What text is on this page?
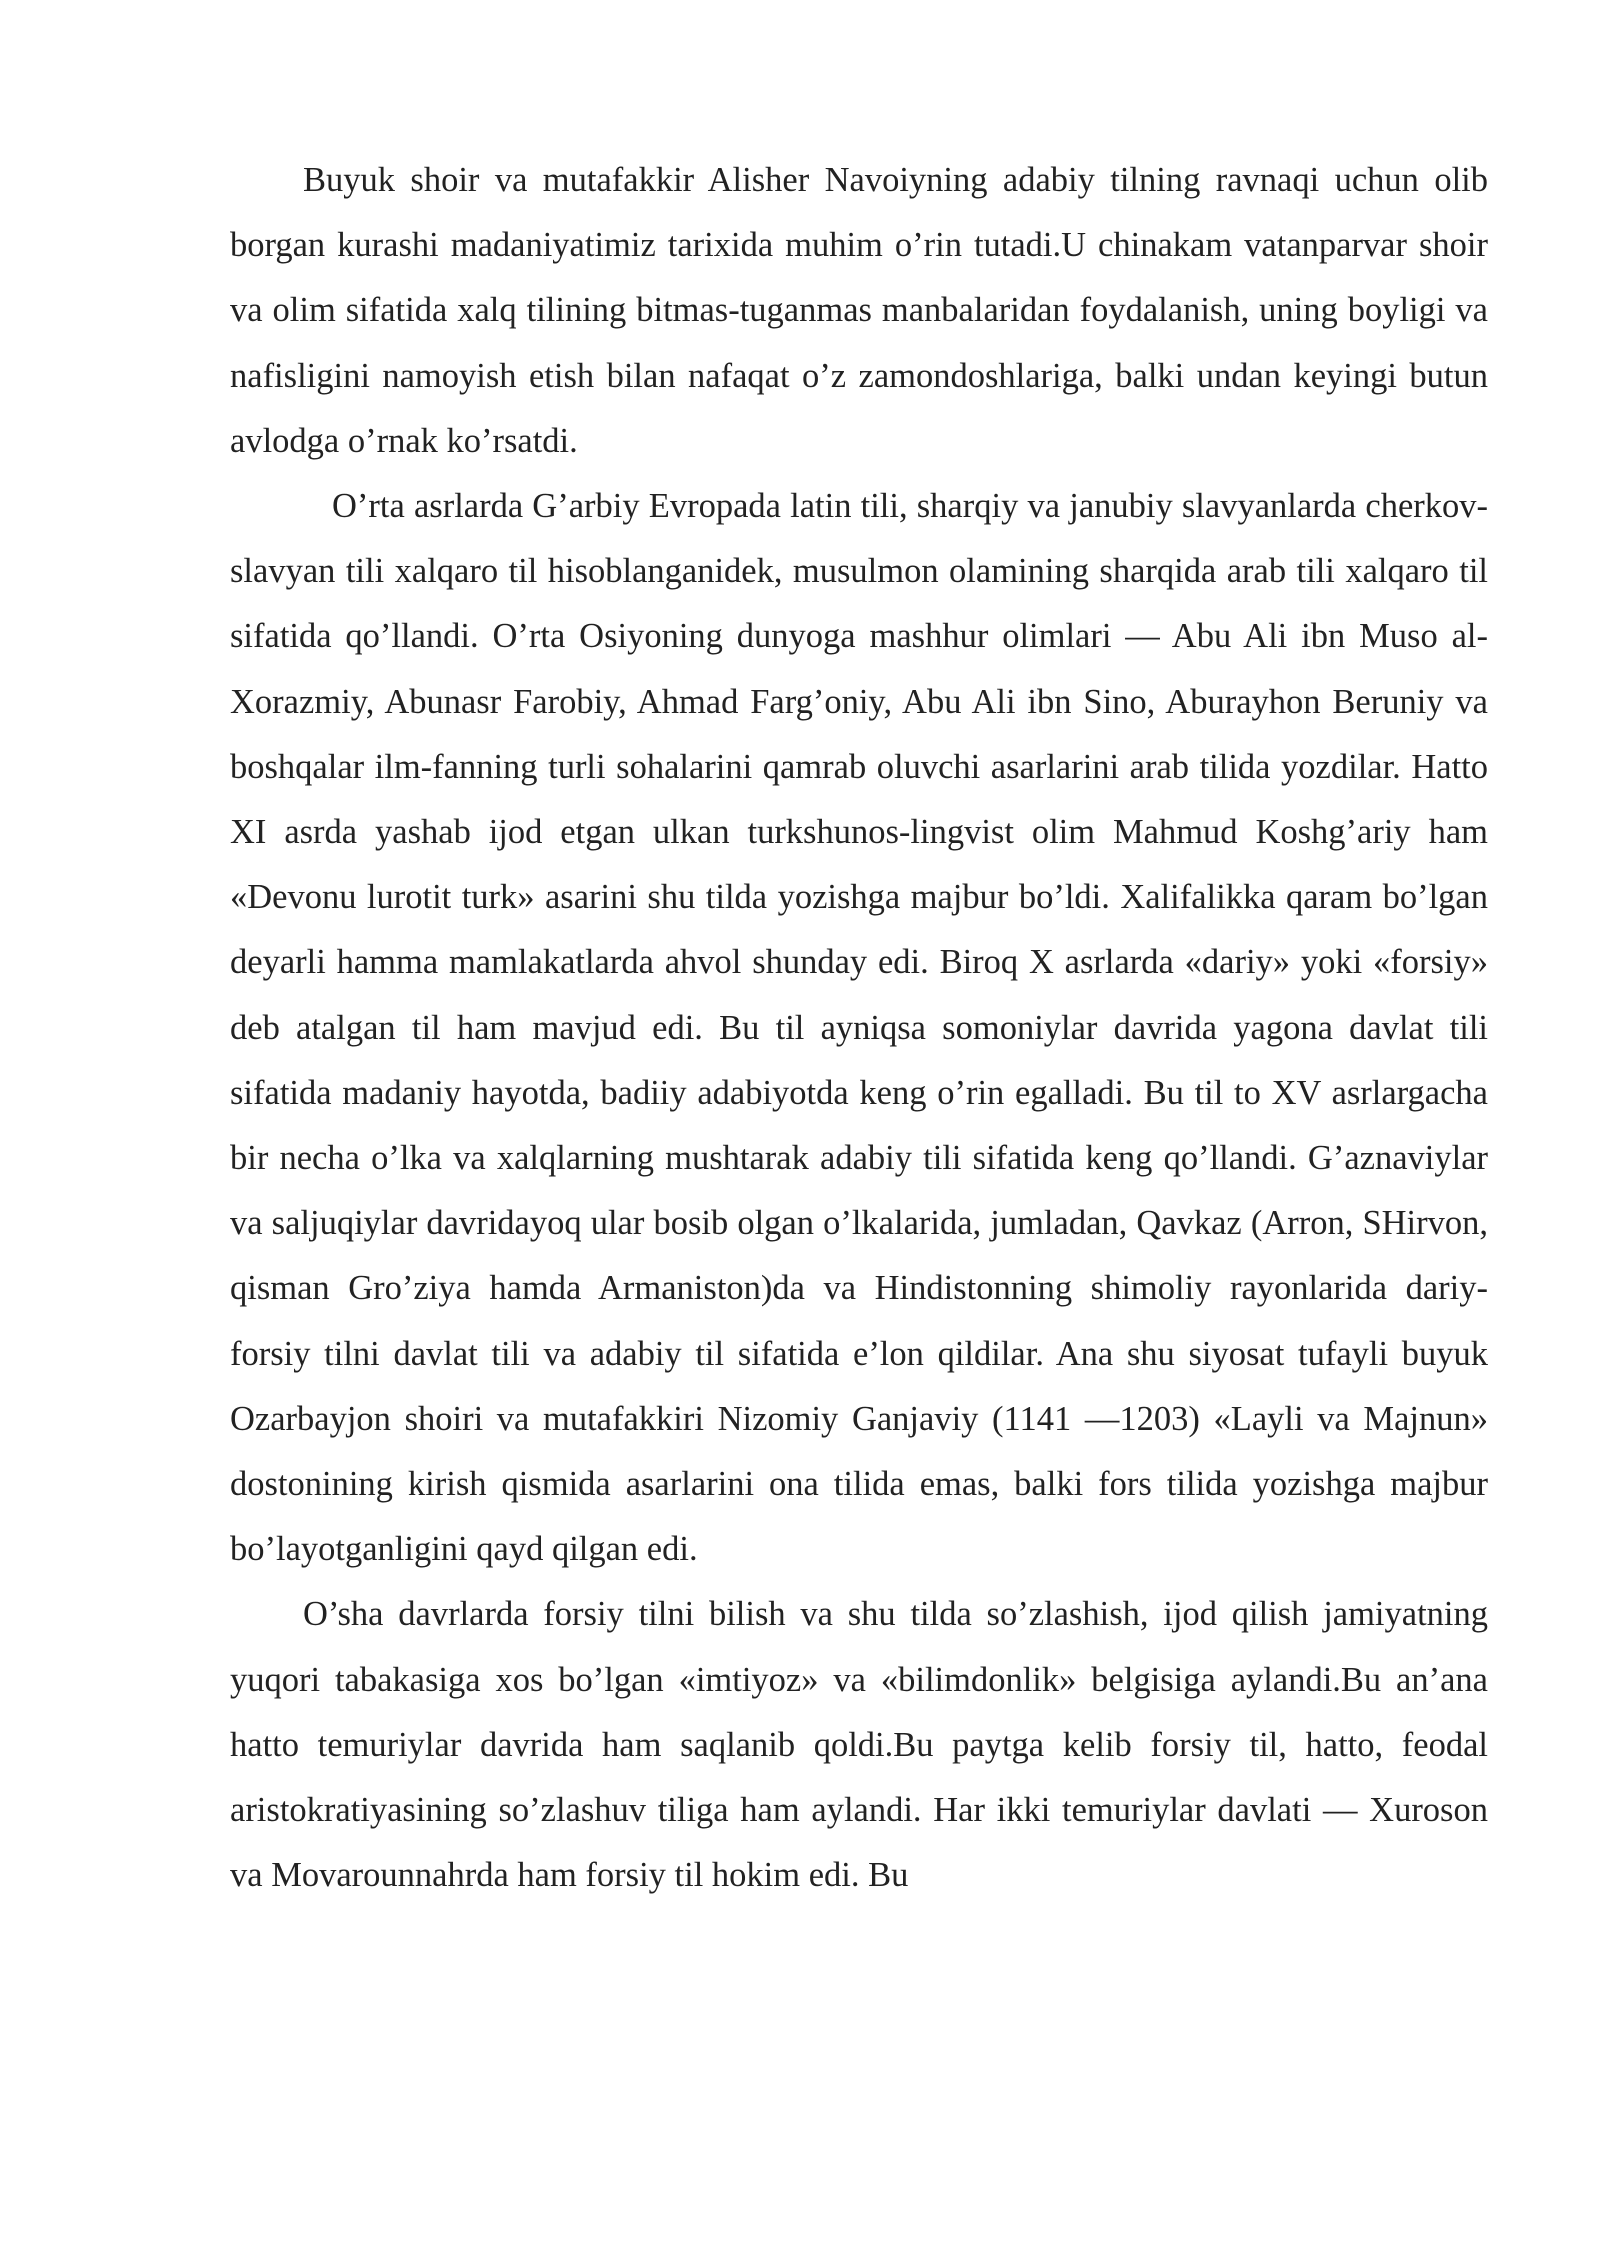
Buyuk shoir va mutafakkir Alisher Navoiyning adabiy tilning ravnaqi uchun olib borgan kurashi madaniyatimiz tarixida muhim o’rin tutadi.U chinakam vatanparvar shoir va olim sifatida xalq tilining bitmas-tuganmas manbalaridan foydalanish, uning boyligi va nafisligini namoyish etish bilan nafaqat o’z zamondoshlariga, balki undan keyingi butun avlodga o’rnak ko’rsatdi.

O’rta asrlarda G’arbiy Evropada latin tili, sharqiy va janubiy slavyanlarda cherkov-slavyan tili xalqaro til hisoblanganidek, musulmon olamining sharqida arab tili xalqaro til sifatida qo’llandi. O’rta Osiyoning dunyoga mashhur olimlari — Abu Ali ibn Muso al-Xorazmiy, Abunasr Farobiy, Ahmad Farg’oniy, Abu Ali ibn Sino, Aburayhon Beruniy va boshqalar ilm-fanning turli sohalarini qamrab oluvchi asarlarini arab tilida yozdilar. Hatto XI asrda yashab ijod etgan ulkan turkshunos-lingvist olim Mahmud Koshg’ariy ham «Devonu lurotit turk» asarini shu tilda yozishga majbur bo’ldi. Xalifalikka qaram bo’lgan deyarli hamma mamlakatlarda ahvol shunday edi. Biroq X asrlarda «dariy» yoki «forsiy» deb atalgan til ham mavjud edi. Bu til ayniqsa somoniylar davrida yagona davlat tili sifatida madaniy hayotda, badiiy adabiyotda keng o’rin egalladi. Bu til to XV asrlargacha bir necha o’lka va xalqlarning mushtarak adabiy tili sifatida keng qo’llandi. G’aznaviylar va saljuqiylar davridayoq ular bosib olgan o’lkalarida, jumladan, Qavkaz (Arron, SHirvon, qisman Gro’ziya hamda Armaniston)da va Hindistonning shimoliy rayonlarida dariy-forsiy tilni davlat tili va adabiy til sifatida e’lon qildilar. Ana shu siyosat tufayli buyuk Ozarbayjon shoiri va mutafakkiri Nizomiy Ganjaviy (1141 —1203) «Layli va Majnun» dostonining kirish qismida asarlarini ona tilida emas, balki fors tilida yozishga majbur bo’layotganligini qayd qilgan edi.

O’sha davrlarda forsiy tilni bilish va shu tilda so’zlashish, ijod qilish jamiyatning yuqori tabakasiga xos bo’lgan «imtiyoz» va «bilimdonlik» belgisiga aylandi.Bu an’ana hatto temuriylar davrida ham saqlanib qoldi.Bu paytga kelib forsiy til, hatto, feodal aristokratiyasining so’zlashuv tiliga ham aylandi. Har ikki temuriylar davlati — Xuroson va Movarounnahrda ham forsiy til hokim edi. Bu
